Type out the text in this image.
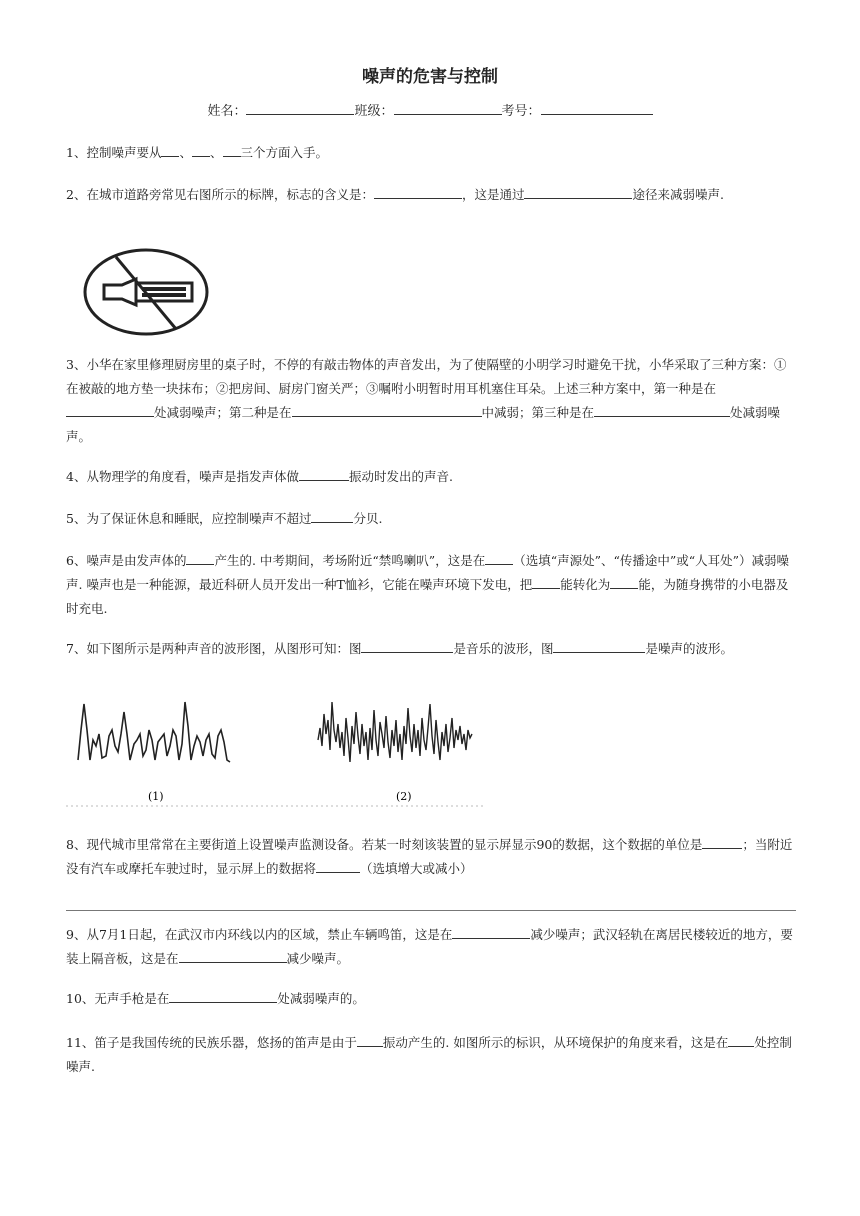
噪声的危害与控制
姓名：	班级：	考号：

1、控制噪声要从 、 、 三个方面入手。

2、在城市道路旁常见右图所示的标牌，标志的含义是：	，这是通过	途径来减弱噪声.

3、小华在家里修理厨房里的桌子时，不停的有敲击物体的声音发出，为了使隔壁的小明学习时避免干扰，小华采取了三种方案：①在被敲的地方垫一块抹布；②把房间、厨房门窗关严；③嘱咐小明暂时用耳机塞住耳朵。上述三种方案中，第一种是在处减弱噪声；第二种是在	中减弱；第三种是在	处减弱噪声。

4、从物理学的角度看，噪声是指发声体做	振动时发出的声音.

5、为了保证休息和睡眠，应控制噪声不超过	分贝.

6、噪声是由发声体的 产生的. 中考期间，考场附近“禁鸣喇叭”，这是在 （选填“声源处”、“传播途中”或“人耳处”）减弱噪声. 噪声也是一种能源，最近科研人员开发出一种T恤衫，它能在噪声环境下发电，把 能转化为 能，为随身携带的小电器及时充电.

7、如下图所示是两种声音的波形图，从图形可知：图	是音乐的波形，图	是噪声的波形。

(1)	(2)

8、现代城市里常常在主要街道上设置噪声监测设备。若某一时刻该装置的显示屏显示90的数据，这个数据的单位是	；当附近没有汽车或摩托车驶过时，显示屏上的数据将	（选填增大或减小）

9、从7月1日起，在武汉市内环线以内的区域，禁止车辆鸣笛，这是在	减少噪声；武汉轻轨在离居民楼较近的地方，要装上隔音板，这是在	减少噪声。

10、无声手枪是在	处减弱噪声的。

11、笛子是我国传统的民族乐器，悠扬的笛声是由于 振动产生的. 如图所示的标识，从环境保护的角度来看，这是在 处控制噪声.
